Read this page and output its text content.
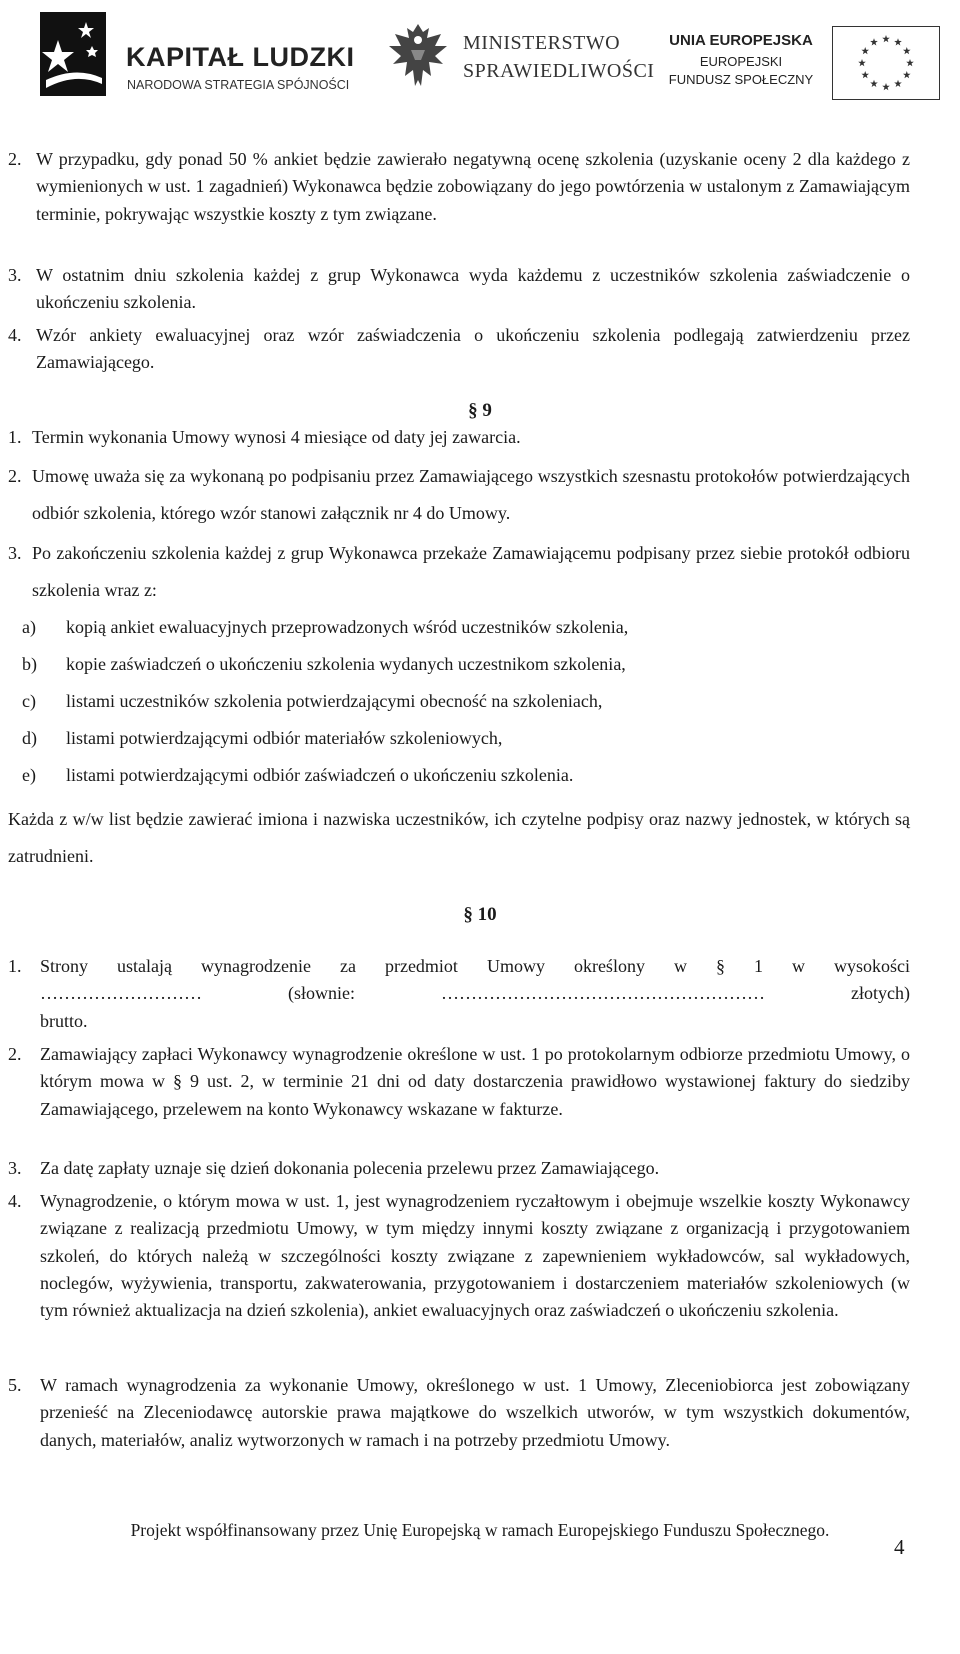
KAPITAŁ LUDZKI
NARODOWA STRATEGIA SPÓJNOŚCI
MINISTERSTWO
SPRAWIEDLIWOŚCI
UNIA EUROPEJSKA
EUROPEJSKI
FUNDUSZ SPOŁECZNY
2. W przypadku, gdy ponad 50 % ankiet będzie zawierało negatywną ocenę szkolenia (uzyskanie oceny 2 dla każdego z wymienionych w ust. 1 zagadnień) Wykonawca będzie zobowiązany do jego powtórzenia w ustalonym z Zamawiającym terminie, pokrywając wszystkie koszty z tym związane.
3. W ostatnim dniu szkolenia każdej z grup Wykonawca wyda każdemu z uczestników szkolenia zaświadczenie o ukończeniu szkolenia.
4. Wzór ankiety ewaluacyjnej oraz wzór zaświadczenia o ukończeniu szkolenia podlegają zatwierdzeniu przez Zamawiającego.
§ 9
1. Termin wykonania Umowy wynosi 4 miesiące od daty jej zawarcia.
2. Umowę uważa się za wykonaną po podpisaniu przez Zamawiającego wszystkich szesnastu protokołów potwierdzających odbiór szkolenia, którego wzór stanowi załącznik nr 4 do Umowy.
3. Po zakończeniu szkolenia każdej z grup Wykonawca przekaże Zamawiającemu podpisany przez siebie protokół odbioru szkolenia wraz z:
a) kopią ankiet ewaluacyjnych przeprowadzonych wśród uczestników szkolenia,
b) kopie zaświadczeń o ukończeniu szkolenia wydanych uczestnikom szkolenia,
c) listami uczestników szkolenia potwierdzającymi obecność na szkoleniach,
d) listami potwierdzającymi odbiór materiałów szkoleniowych,
e) listami potwierdzającymi odbiór zaświadczeń o ukończeniu szkolenia.
Każda z w/w list będzie zawierać imiona i nazwiska uczestników, ich czytelne podpisy oraz nazwy jednostek, w których są zatrudnieni.
§ 10
1. Strony ustalają wynagrodzenie za przedmiot Umowy określony w § 1 w wysokości
……………………… (słownie: ……………………………………………… złotych)
brutto.
2. Zamawiający zapłaci Wykonawcy wynagrodzenie określone w ust. 1 po protokolarnym odbiorze przedmiotu Umowy, o którym mowa w § 9 ust. 2, w terminie 21 dni od daty dostarczenia prawidłowo wystawionej faktury do siedziby Zamawiającego, przelewem na konto Wykonawcy wskazane w fakturze.
3. Za datę zapłaty uznaje się dzień dokonania polecenia przelewu przez Zamawiającego.
4. Wynagrodzenie, o którym mowa w ust. 1, jest wynagrodzeniem ryczałtowym i obejmuje wszelkie koszty Wykonawcy związane z realizacją przedmiotu Umowy, w tym między innymi koszty związane z organizacją i przygotowaniem szkoleń, do których należą w szczególności koszty związane z zapewnieniem wykładowców, sal wykładowych, noclegów, wyżywienia, transportu, zakwaterowania, przygotowaniem i dostarczeniem materiałów szkoleniowych (w tym również aktualizacja na dzień szkolenia), ankiet ewaluacyjnych oraz zaświadczeń o ukończeniu szkolenia.
5. W ramach wynagrodzenia za wykonanie Umowy, określonego w ust. 1 Umowy, Zleceniobiorca jest zobowiązany przenieść na Zleceniodawcę autorskie prawa majątkowe do wszelkich utworów, w tym wszystkich dokumentów, danych, materiałów, analiz wytworzonych w ramach i na potrzeby przedmiotu Umowy.
Projekt współfinansowany przez Unię Europejską w ramach Europejskiego Funduszu Społecznego.
4
